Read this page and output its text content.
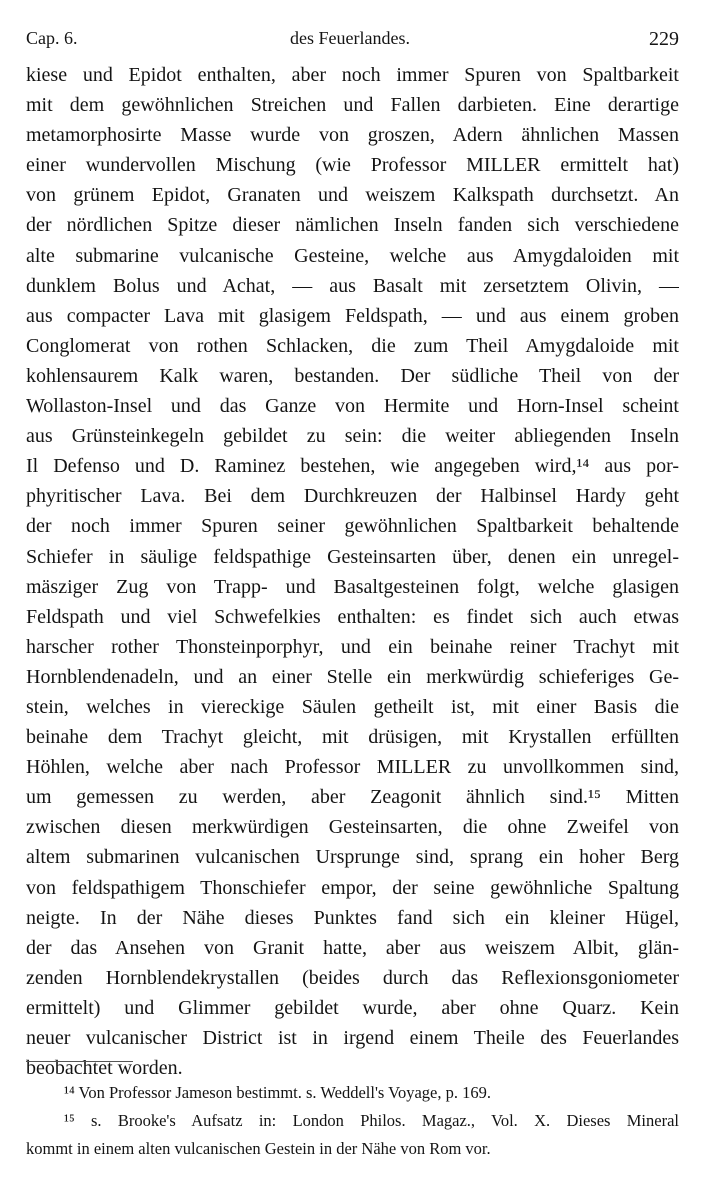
Cap. 6.	des Feuerlandes.	229
kiese und Epidot enthalten, aber noch immer Spuren von Spaltbarkeit
mit dem gewöhnlichen Streichen und Fallen darbieten. Eine derartige
metamorphosirte Masse wurde von groszen, Adern ähnlichen Massen
einer wundervollen Mischung (wie Professor MILLER ermittelt hat)
von grünem Epidot, Granaten und weiszem Kalkspath durchsetzt. An
der nördlichen Spitze dieser nämlichen Inseln fanden sich verschiedene
alte submarine vulcanische Gesteine, welche aus Amygdaloiden mit
dunklem Bolus und Achat, — aus Basalt mit zersetztem Olivin, —
aus compacter Lava mit glasigem Feldspath, — und aus einem groben
Conglomerat von rothen Schlacken, die zum Theil Amygdaloide mit
kohlensaurem Kalk waren, bestanden. Der südliche Theil von der
Wollaston-Insel und das Ganze von Hermite und Horn-Insel scheint
aus Grünsteinkegeln gebildet zu sein: die weiter abliegenden Inseln
Il Defenso und D. Raminez bestehen, wie angegeben wird,¹⁴ aus por-
phyritischer Lava. Bei dem Durchkreuzen der Halbinsel Hardy geht
der noch immer Spuren seiner gewöhnlichen Spaltbarkeit behaltende
Schiefer in säulige feldspathige Gesteinsarten über, denen ein unregel-
mäsziger Zug von Trapp- und Basaltgesteinen folgt, welche glasigen
Feldspath und viel Schwefelkies enthalten: es findet sich auch etwas
harscher rother Thonsteinporphyr, und ein beinahe reiner Trachyt mit
Hornblendenadeln, und an einer Stelle ein merkwürdig schieferiges Ge-
stein, welches in viereckige Säulen getheilt ist, mit einer Basis die
beinahe dem Trachyt gleicht, mit drüsigen, mit Krystallen erfüllten
Höhlen, welche aber nach Professor MILLER zu unvollkommen sind,
um gemessen zu werden, aber Zeagonit ähnlich sind.¹⁵ Mitten
zwischen diesen merkwürdigen Gesteinsarten, die ohne Zweifel von
altem submarinen vulcanischen Ursprunge sind, sprang ein hoher Berg
von feldspathigem Thonschiefer empor, der seine gewöhnliche Spaltung
neigte. In der Nähe dieses Punktes fand sich ein kleiner Hügel,
der das Ansehen von Granit hatte, aber aus weiszem Albit, glän-
zenden Hornblendekrystallen (beides durch das Reflexionsgoniometer
ermittelt) und Glimmer gebildet wurde, aber ohne Quarz. Kein
neuer vulcanischer District ist in irgend einem Theile des Feuerlandes
beobachtet worden.
¹⁴ Von Professor Jameson bestimmt. s. Weddell's Voyage, p. 169.
¹⁵ s. Brooke's Aufsatz in: London Philos. Magaz., Vol. X. Dieses Mineral
kommt in einem alten vulcanischen Gestein in der Nähe von Rom vor.
